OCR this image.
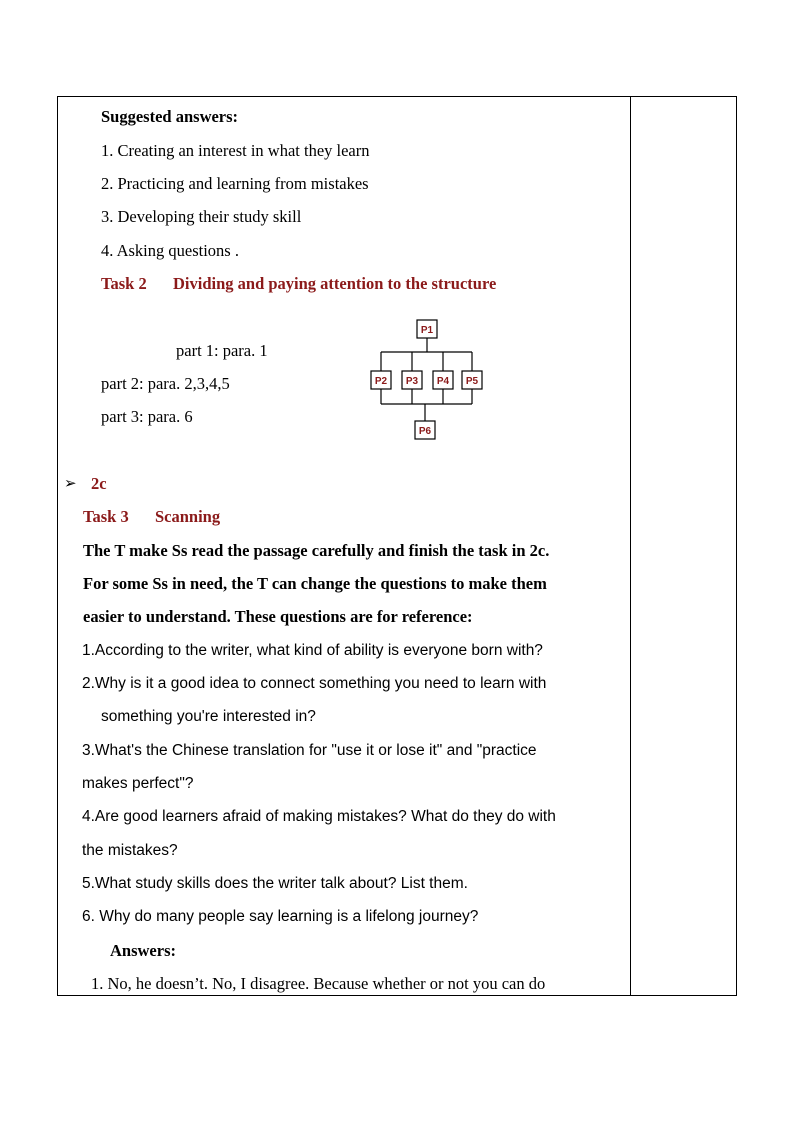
Suggested answers:
1. Creating an interest in what they learn
2. Practicing and learning from mistakes
3. Developing their study skill
4. Asking questions .
Task 2 Dividing and paying attention to the structure
part 1: para. 1
part 2: para. 2,3,4,5
part 3: para. 6
P1
P2 P3 P4 P5
P6
➢ 2c
Task 3 Scanning
The T make Ss read the passage carefully and finish the task in 2c.
For some Ss in need, the T can change the questions to make them
easier to understand. These questions are for reference:
1.According to the writer, what kind of ability is everyone born with?
2.Why is it a good idea to connect something you need to learn with
something you're interested in?
3.What's the Chinese translation for "use it or lose it" and "practice
makes perfect"?
4.Are good learners afraid of making mistakes? What do they do with
the mistakes?
5.What study skills does the writer talk about? List them.
6. Why do many people say learning is a lifelong journey?
Answers:
1. No, he doesn’t. No, I disagree. Because whether or not you can do
